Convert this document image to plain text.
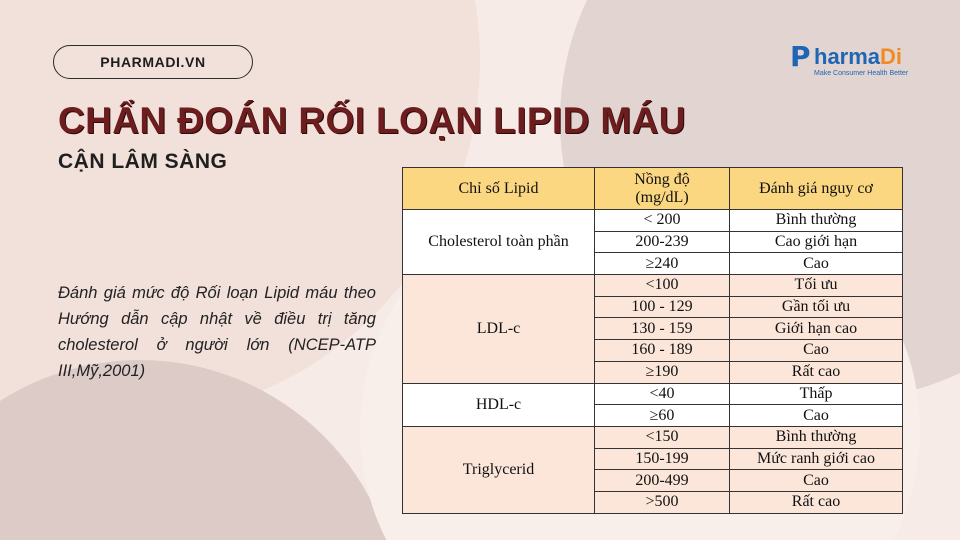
PHARMADI.VN	P harmaDi
Make Consumer Health Better
CHẨN ĐOÁN RỐI LOẠN LIPID MÁU
CẬN LÂM SÀNG
Đánh giá mức độ Rối loạn Lipid máu theo Hướng dẫn cập nhật về điều trị tăng cholesterol ở người lớn (NCEP-ATP III,Mỹ,2001)
Chỉ số Lipid	Nồng độ (mg/dL)	Đánh giá nguy cơ
Cholesterol toàn phần	< 200	Bình thường
	200-239	Cao giới hạn
	≥240	Cao
LDL-c	<100	Tối ưu
	100 - 129	Gần tối ưu
	130 - 159	Giới hạn cao
	160 - 189	Cao
	≥190	Rất cao
HDL-c	<40	Thấp
	≥60	Cao
Triglycerid	<150	Bình thường
	150-199	Mức ranh giới cao
	200-499	Cao
	>500	Rất cao
